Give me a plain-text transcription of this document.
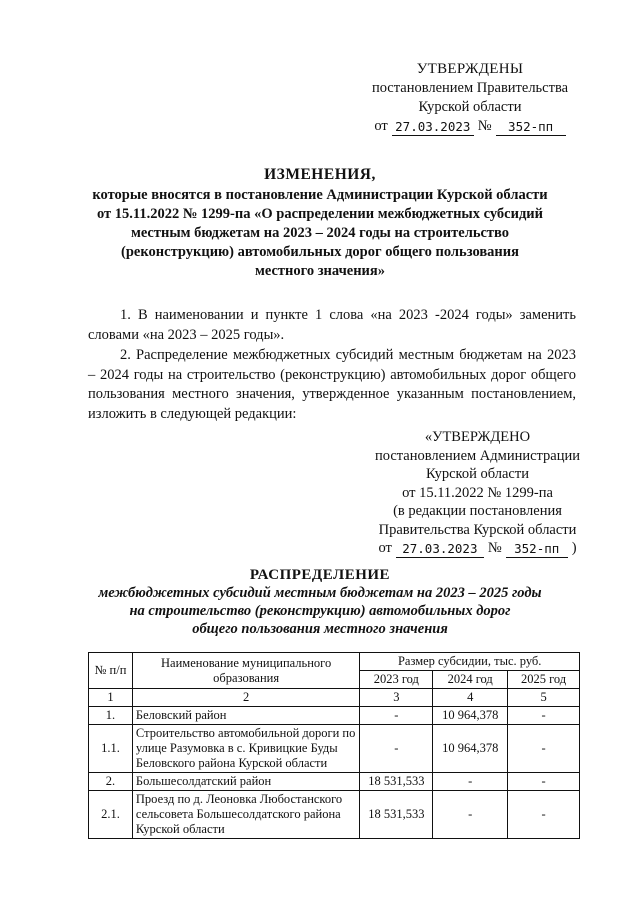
УТВЕРЖДЕНЫ
постановлением Правительства
Курской области
от 27.03.2023 №	352-пп
ИЗМЕНЕНИЯ,
которые вносятся в постановление Администрации Курской области
от 15.11.2022 № 1299-па «О распределении межбюджетных субсидий
местным бюджетам на 2023 – 2024 годы на строительство
(реконструкцию) автомобильных дорог общего пользования
местного значения»

1. В наименовании и пункте 1 слова «на 2023 -2024 годы» заменить словами «на 2023 – 2025 годы».

2. Распределение межбюджетных субсидий местным бюджетам на 2023 – 2024 годы на строительство (реконструкцию) автомобильных дорог общего пользования местного значения, утвержденное указанным постановлением, изложить в следующей редакции:

«УТВЕРЖДЕНО
постановлением Администрации
Курской области
от 15.11.2022 № 1299-па
(в редакции постановления
Правительства Курской области
от 27.03.2023 № 352-пп )
РАСПРЕДЕЛЕНИЕ
межбюджетных субсидий местным бюджетам на 2023 – 2025 годы
на строительство (реконструкцию) автомобильных дорог
общего пользования местного значения
№ п/п	Наименование муниципального образования	Размер субсидии, тыс. руб.		
		2023 год	2024 год	2025 год
1	2	3	4	5
1.	Беловский район	-	10 964,378	-
1.1.	Строительство автомобильной дороги по улице Разумовка в с. Кривицкие Буды Беловского района Курской области	-	10 964,378	-
2.	Большесолдатский район	18 531,533	-	-
2.1.	Проезд по д. Леоновка Любостанского сельсовета Большесолдатского района Курской области	18 531,533	-	-
